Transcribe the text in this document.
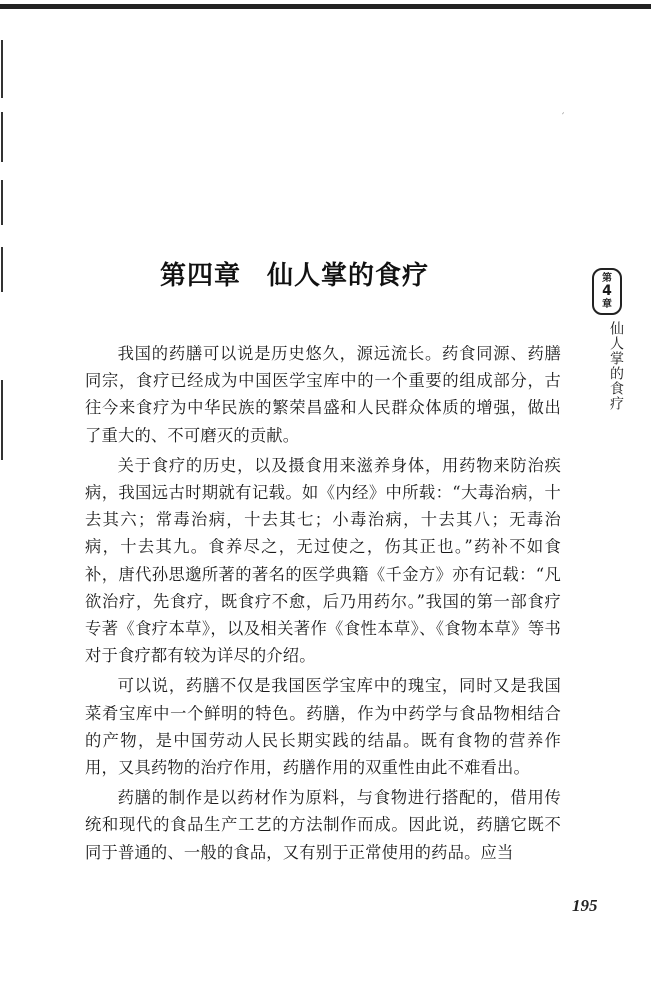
′
第四章 仙人掌的食疗	第
4
章
仙人掌的食疗

我国的药膳可以说是历史悠久，源远流长。药食同源、药膳同宗，食疗已经成为中国医学宝库中的一个重要的组成部分，古往今来食疗为中华民族的繁荣昌盛和人民群众体质的增强，做出了重大的、不可磨灭的贡献。

关于食疗的历史，以及摄食用来滋养身体，用药物来防治疾病，我国远古时期就有记载。如《内经》中所载：“大毒治病，十去其六；常毒治病，十去其七；小毒治病，十去其八；无毒治病，十去其九。食养尽之，无过使之，伤其正也。”药补不如食补，唐代孙思邈所著的著名的医学典籍《千金方》亦有记载：“凡欲治疗，先食疗，既食疗不愈，后乃用药尔。”我国的第一部食疗专著《食疗本草》，以及相关著作《食性本草》、《食物本草》等书对于食疗都有较为详尽的介绍。

可以说，药膳不仅是我国医学宝库中的瑰宝，同时又是我国菜肴宝库中一个鲜明的特色。药膳，作为中药学与食品物相结合的产物，是中国劳动人民长期实践的结晶。既有食物的营养作用，又具药物的治疗作用，药膳作用的双重性由此不难看出。

药膳的制作是以药材作为原料，与食物进行搭配的，借用传统和现代的食品生产工艺的方法制作而成。因此说，药膳它既不同于普通的、一般的食品，又有别于正常使用的药品。应当

195
